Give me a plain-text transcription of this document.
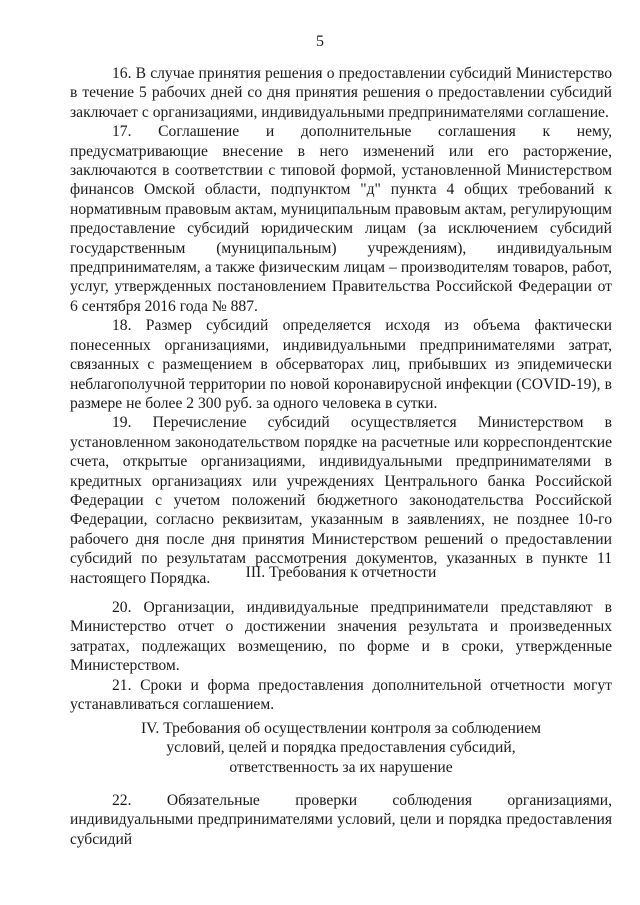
5

16. В случае принятия решения о предоставлении субсидий Министерство в течение 5 рабочих дней со дня принятия решения о предоставлении субсидий заключает с организациями, индивидуальными предпринимателями соглашение.

17. Соглашение и дополнительные соглашения к нему, предусматривающие внесение в него изменений или его расторжение, заключаются в соответствии с типовой формой, установленной Министерством финансов Омской области, подпунктом "д" пункта 4 общих требований к нормативным правовым актам, муниципальным правовым актам, регулирующим предоставление субсидий юридическим лицам (за исключением субсидий государственным (муниципальным) учреждениям), индивидуальным предпринимателям, а также физическим лицам – производителям товаров, работ, услуг, утвержденных постановлением Правительства Российской Федерации от 6 сентября 2016 года № 887.

18. Размер субсидий определяется исходя из объема фактически понесенных организациями, индивидуальными предпринимателями затрат, связанных с размещением в обсерваторах лиц, прибывших из эпидемически неблагополучной территории по новой коронавирусной инфекции (COVID-19), в размере не более 2 300 руб. за одного человека в сутки.

19. Перечисление субсидий осуществляется Министерством в установленном законодательством порядке на расчетные или корреспондентские счета, открытые организациями, индивидуальными предпринимателями в кредитных организациях или учреждениях Центрального банка Российской Федерации с учетом положений бюджетного законодательства Российской Федерации, согласно реквизитам, указанным в заявлениях, не позднее 10-го рабочего дня после дня принятия Министерством решений о предоставлении субсидий по результатам рассмотрения документов, указанных в пункте 11 настоящего Порядка.	III. Требования к отчетности

20. Организации, индивидуальные предприниматели представляют в Министерство отчет о достижении значения результата и произведенных затратах, подлежащих возмещению, по форме и в сроки, утвержденные Министерством.

21. Сроки и форма предоставления дополнительной отчетности могут устанавливаться соглашением.

IV. Требования об осуществлении контроля за соблюдением
условий, целей и порядка предоставления субсидий,
ответственность за их нарушение

22. Обязательные проверки соблюдения организациями, индивидуальными предпринимателями условий, цели и порядка предоставления субсидий
